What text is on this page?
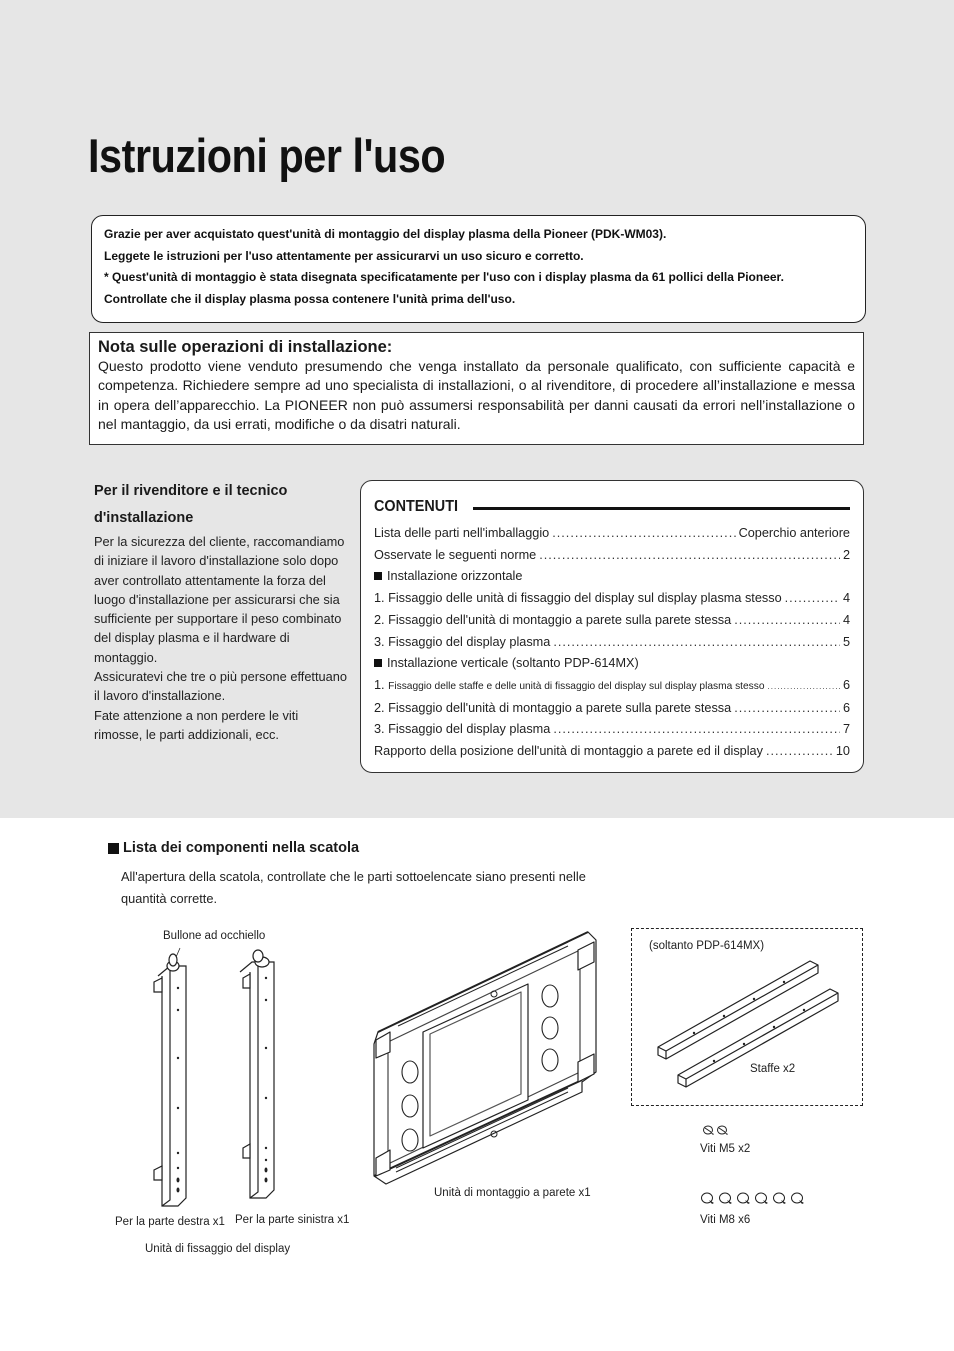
Istruzioni per l'uso

Grazie per aver acquistato quest'unità di montaggio del display plasma della Pioneer (PDK-WM03).

Leggete le istruzioni per l'uso attentamente per assicurarvi un uso sicuro e corretto.

* Quest'unità di montaggio è stata disegnata specificatamente per l'uso con i display plasma da 61 pollici della Pioneer.

Controllate che il display plasma possa contenere l'unità prima dell'uso.

Nota sulle operazioni di installazione:
Questo prodotto viene venduto presumendo che venga installato da personale qualificato, con sufficiente capacità e competenza. Richiedere sempre ad uno specialista di installazioni, o al rivenditore, di procedere all’installazione e messa in opera dell’apparecchio. La PIONEER non può assumersi responsabilità per danni causati da errori nell’installazione o nel mantaggio, da usi errati, modifiche o da disatri naturali.
Per il rivenditore e il tecnico
d'installazione
Per la sicurezza del cliente, raccomandiamo di iniziare il lavoro d'installazione solo dopo aver controllato attentamente la forza del luogo d'installazione per assicurarsi che sia sufficiente per supportare il peso combinato del display plasma e il hardware di montaggio.
Assicuratevi che tre o più persone effettuano il lavoro d'installazione.
Fate attenzione a non perdere le viti rimosse, le parti addizionali, ecc.
CONTENUTI
Lista delle parti nell'imballaggio .....	Coperchio anteriore
Osservate le seguenti norme .....	2
Installazione orizzontale
1. Fissaggio delle unità di fissaggio del display sul display plasma stesso .....	4
2. Fissaggio dell'unità di montaggio a parete sulla parete stessa .....	4
3. Fissaggio del display plasma .....	5
Installazione verticale (soltanto PDP-614MX)
1.
Fissaggio delle staffe e delle unità di fissaggio del display sul display plasma stesso .....	6
2. Fissaggio dell'unità di montaggio a parete sulla parete stessa .....	6
3. Fissaggio del display plasma .....	7
Rapporto della posizione dell'unità di montaggio a parete ed il display .....	10
Lista dei componenti nella scatola
All'apertura della scatola, controllate che le parti sottoelencate siano presenti nelle quantità corrette.
Bullone ad occhiello
Per la parte destra x1 Per la parte sinistra x1
Unità di fissaggio del display
Unità di montaggio a parete x1
(soltanto PDP-614MX)
Staffe x2
Viti M5 x2
Viti M8 x6
